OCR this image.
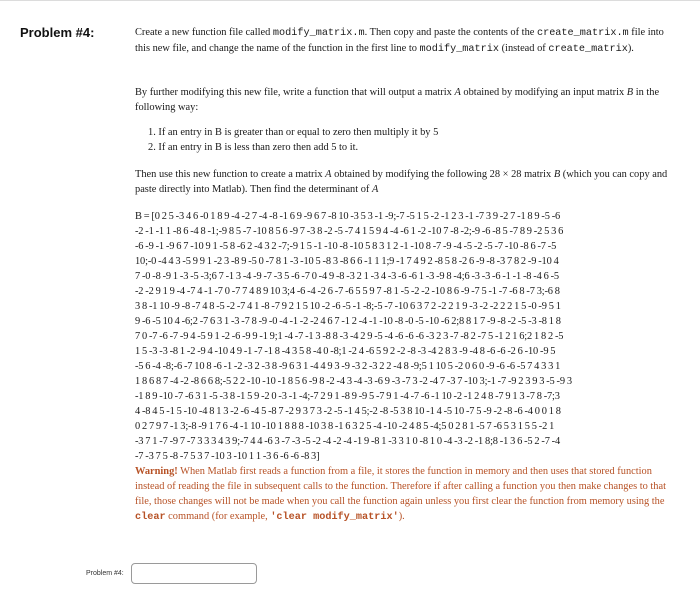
Problem #4:	Create a new function file called modify_matrix.m. Then copy and paste the contents of the create_matrix.m file into this new file, and change the name of the function in the first line to modify_matrix (instead of create_matrix).

By further modifying this new file, write a function that will output a matrix A obtained by modifying an input matrix B in the following way:

1. If an entry in B is greater than or equal to zero then multiply it by 5
2. If an entry in B is less than zero then add 5 to it.

Then use this new function to create a matrix A obtained by modifying the following 28 × 28 matrix B (which you can copy and paste directly into Matlab). Then find the determinant of A

B = [0 2 5 -3 4 6 -0 1 8 9 -4 -2 7 -4 -8 -1 6 9 -9 6 7 -8 10 -3 5 3 -1 -9;-7 -5 1 5 -2 -1 2 3 -1 -7 3 9 -2 7 -1 8 9 -5 -6
-2 -1 -1 1 -8 6 -4 8 -1;-9 8 5 -7 -10 8 5 6 -9 7 -3 8 -2 -5 -7 4 1 5 9 4 -4 -6 1 -2 -10 7 -8 -2;-9 -6 -8 5 -7 8 9 -2 5 3 6
-6 -9 -1 -9 6 7 -10 9 1 -5 8 -6 2 -4 3 2 -7;-9 1 5 -1 -10 -8 -10 5 8 3 1 2 -1 -10 8 -7 -9 -4 -5 -2 -5 -7 -10 -8 6 -7 -5
10;-0 -4 4 3 -5 9 9 1 -2 3 -8 9 -5 0 -7 8 1 -3 -10 5 -8 3 -8 6 6 -1 1 1;9 -1 7 4 9 2 -8 5 8 -2 6 -9 -8 -3 7 8 2 -9 -10 4
7 -0 -8 -9 1 -3 -5 -3;6 7 -1 3 -4 -9 -7 -3 5 -6 -7 0 -4 9 -8 -3 2 1 -3 4 -3 -6 -6 1 -3 -9 8 -4;6 -3 -3 -6 -1 -1 -8 -4 6 -5
-2 -2 9 1 9 -4 -7 4 -1 -7 0 -7 7 4 8 9 10 3;4 -6 -4 -2 6 -7 -6 5 5 9 7 -8 1 -5 -2 -2 -10 8 6 -9 -7 5 -1 -7 -6 8 -7 3;-6 8
3 8 -1 10 -9 -8 -7 4 8 -5 -2 -7 4 1 -8 -7 9 2 1 5 10 -2 -6 -5 -1 -8;-5 -7 -10 6 3 7 2 -2 2 1 9 -3 -2 -2 2 2 1 5 -0 -9 5 1
9 -6 -5 10 4 -6;2 -7 6 3 1 -3 -7 8 -9 -0 -4 -1 -2 -2 4 6 7 -1 2 -4 -1 -10 -8 -0 -5 -10 -6 2;8 8 1 7 -9 -8 -2 -5 -3 -8 1 8
7 0 -7 -6 -7 -9 4 -5 9 1 -2 -6 -9 9 -1 9;1 -4 -7 -1 3 -8 8 -3 -4 2 9 -5 -4 -6 -6 -6 -3 2 3 -7 -8 2 -7 5 -1 2 1 6;2 1 8 2 -5
1 5 -3 -3 -8 1 -2 -9 4 -10 4 9 -1 -7 -1 8 -4 3 5 8 -4 0 -8;1 -2 4 -6 5 9 2 -2 -8 -3 -4 2 8 3 -9 -4 8 -6 -6 -2 6 -10 -9 5
-5 6 -4 -8;-6 -7 10 8 -6 -1 -2 -3 2 -3 8 -9 6 3 1 -4 4 9 3 -9 -3 2 -3 2 2 -4 8 -9;5 1 10 5 -2 0 6 0 -9 -6 -6 -5 7 4 3 3 1
1 8 6 8 7 -4 -2 -8 6 6 8;-5 2 2 -10 -10 -1 8 5 6 -9 8 -2 -4 3 -4 -3 -6 9 -3 -7 3 -2 -4 7 -3 7 -10 3;-1 -7 -9 2 3 9 3 -5 -9 3
-1 8 9 -10 -7 -6 3 1 -5 -3 8 -1 5 9 -2 0 -3 -1 -4;-7 2 9 1 -8 9 -9 5 -7 9 1 -4 -7 -6 -1 10 -2 -1 2 4 8 -7 9 1 3 -7 8 -7;3
4 -8 4 5 -1 5 -10 -4 8 1 3 -2 -6 -4 5 -8 7 -2 9 3 7 3 -2 -5 -1 4 5;-2 -8 -5 3 8 10 -1 4 -5 10 -7 5 -9 -2 -8 -6 -4 0 0 1 8
0 2 7 9 7 -1 3;-8 -9 1 7 6 -4 -1 10 -10 1 8 8 8 -10 3 8 -1 6 3 2 5 -4 -10 -2 4 8 5 -4;5 0 2 8 1 -5 7 -6 5 3 1 5 5 -2 1
-3 7 1 -7 -9 7 -7 3 3 3 4 3 9;-7 4 4 -6 3 -7 -3 -5 -2 -4 -2 -4 -1 9 -8 1 -3 3 1 0 -8 1 0 -4 -3 -2 -1 8;8 -1 3 6 -5 2 -7 -4
-7 -3 7 5 -8 -7 5 3 7 -10 3 -10 1 1 -3 6 -6 -6 -8 3]

Warning! When Matlab first reads a function from a file, it stores the function in memory and then uses that stored function instead of reading the file in subsequent calls to the function. Therefore if after calling a function you then make changes to that file, those changes will not be made when you call the function again unless you first clear the function from memory using the clear command (for example, 'clear modify_matrix').

Problem #4:
